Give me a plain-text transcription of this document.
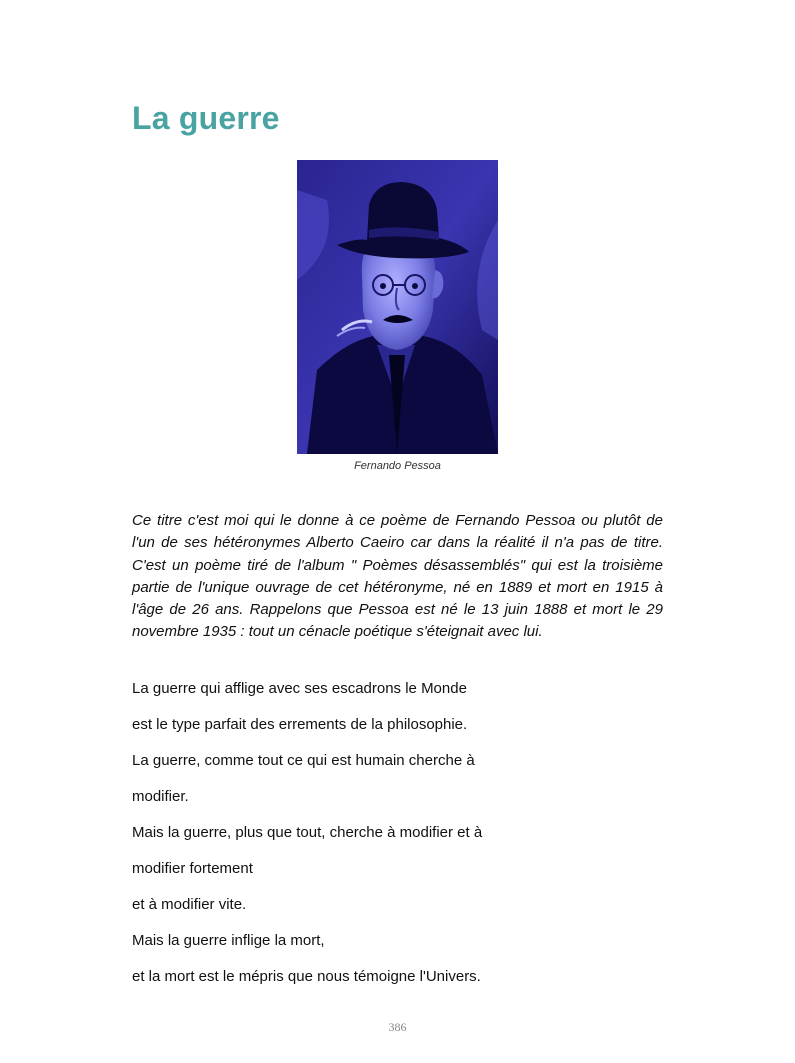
La guerre
Fernando Pessoa

Ce titre c'est moi qui le donne à ce poème de Fernando Pessoa ou plutôt de l'un de ses hétéronymes Alberto Caeiro car dans la réalité il n'a pas de titre. C'est un poème tiré de l'album " Poèmes désassemblés" qui est la troisième partie de l'unique ouvrage de cet hétéronyme, né en 1889 et mort en 1915 à l'âge de 26 ans. Rappelons que Pessoa est né le 13 juin 1888 et mort le 29 novembre 1935 : tout un cénacle poétique s'éteignait avec lui.

La guerre qui afflige avec ses escadrons le Monde
est le type parfait des errements de la philosophie.
La guerre, comme tout ce qui est humain cherche à
modifier.
Mais la guerre, plus que tout, cherche à modifier et à
modifier fortement
et à modifier vite.
Mais la guerre inflige la mort,
et la mort est le mépris que nous témoigne l'Univers.
386
